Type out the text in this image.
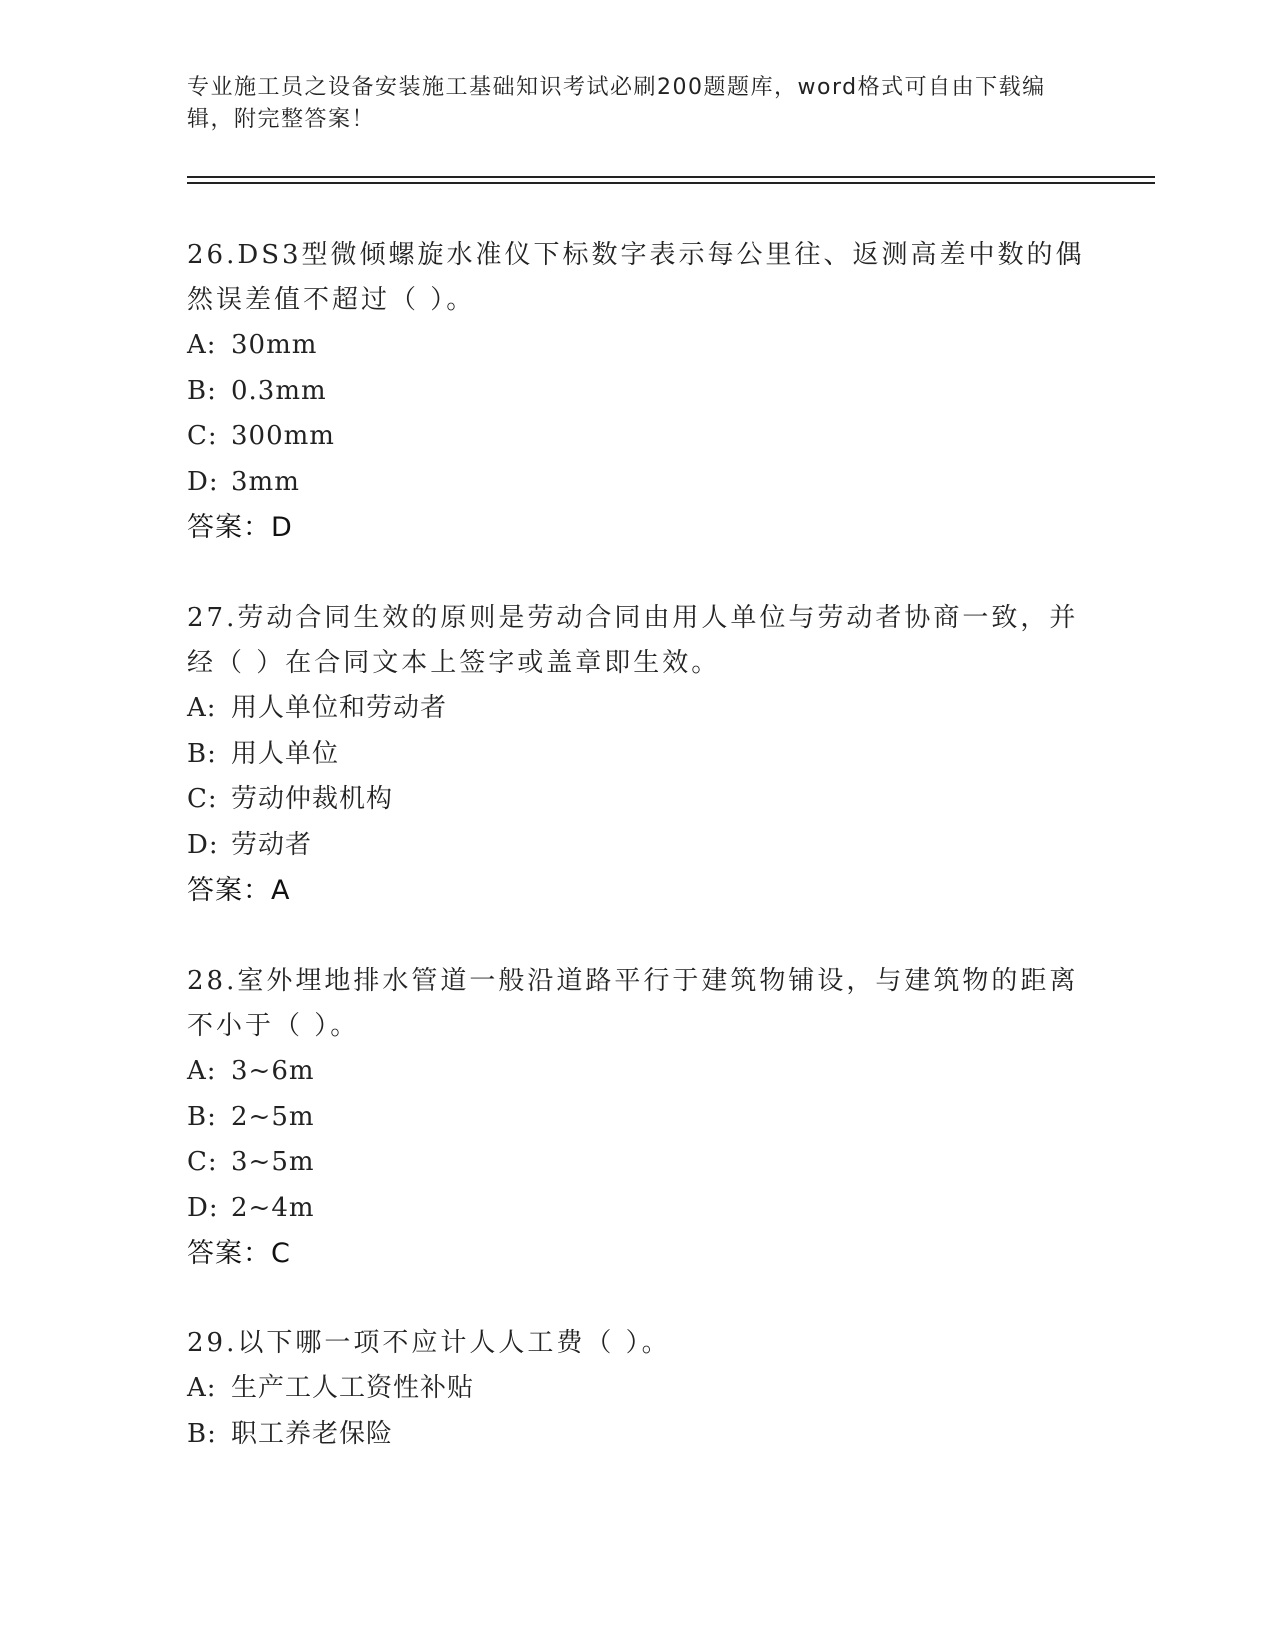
专业施工员之设备安装施工基础知识考试必刷200题题库，word格式可自由下载编辑，附完整答案！

26.DS3型微倾螺旋水准仪下标数字表示每公里往、返测高差中数的偶然误差值不超过（ ）。

A: 30mm
B: 0.3mm
C: 300mm
D: 3mm

答案：D

27.劳动合同生效的原则是劳动合同由用人单位与劳动者协商一致，并经（ ）在合同文本上签字或盖章即生效。

A: 用人单位和劳动者
B: 用人单位
C: 劳动仲裁机构
D: 劳动者

答案：A

28.室外埋地排水管道一般沿道路平行于建筑物铺设，与建筑物的距离不小于（ ）。

A: 3~6m
B: 2~5m
C: 3~5m
D: 2~4m

答案：C

29.以下哪一项不应计人人工费（ ）。

A: 生产工人工资性补贴
B: 职工养老保险
